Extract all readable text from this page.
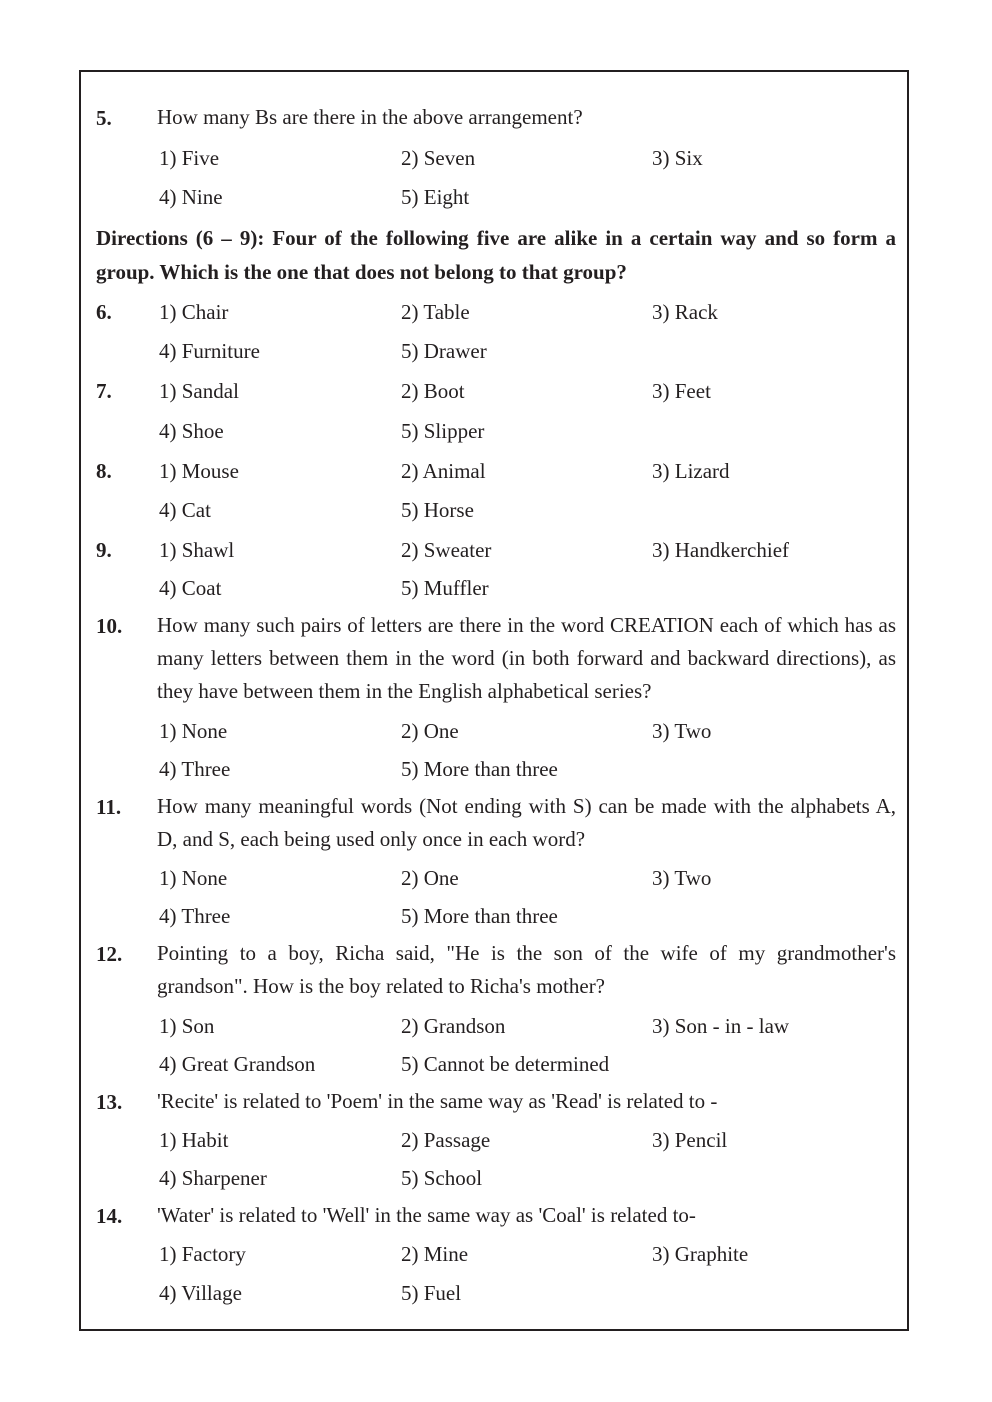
5. How many Bs are there in the above arrangement?
1) Five	2) Seven	3) Six
4) Nine	5) Eight
Directions (6 – 9): Four of the following five are alike in a certain way and so form a group. Which is the one that does not belong to that group?
6. 1) Chair	2) Table	3) Rack
4) Furniture	5) Drawer
7. 1) Sandal	2) Boot	3) Feet
4) Shoe	5) Slipper
8. 1) Mouse	2) Animal	3) Lizard
4) Cat	5) Horse
9. 1) Shawl	2) Sweater	3) Handkerchief
4) Coat	5) Muffler
10. How many such pairs of letters are there in the word CREATION each of which has as many letters between them in the word (in both forward and backward directions), as they have between them in the English alphabetical series?
1) None	2) One	3) Two
4) Three	5) More than three
11. How many meaningful words (Not ending with S) can be made with the alphabets A, D, and S, each being used only once in each word?
1) None	2) One	3) Two
4) Three	5) More than three
12. Pointing to a boy, Richa said, "He is the son of the wife of my grandmother's grandson". How is the boy related to Richa's mother?
1) Son	2) Grandson	3) Son - in - law
4) Great Grandson	5) Cannot be determined
13. 'Recite' is related to 'Poem' in the same way as 'Read' is related to -
1) Habit	2) Passage	3) Pencil
4) Sharpener	5) School
14. 'Water' is related to 'Well' in the same way as 'Coal' is related to-
1) Factory	2) Mine	3) Graphite
4) Village	5) Fuel
